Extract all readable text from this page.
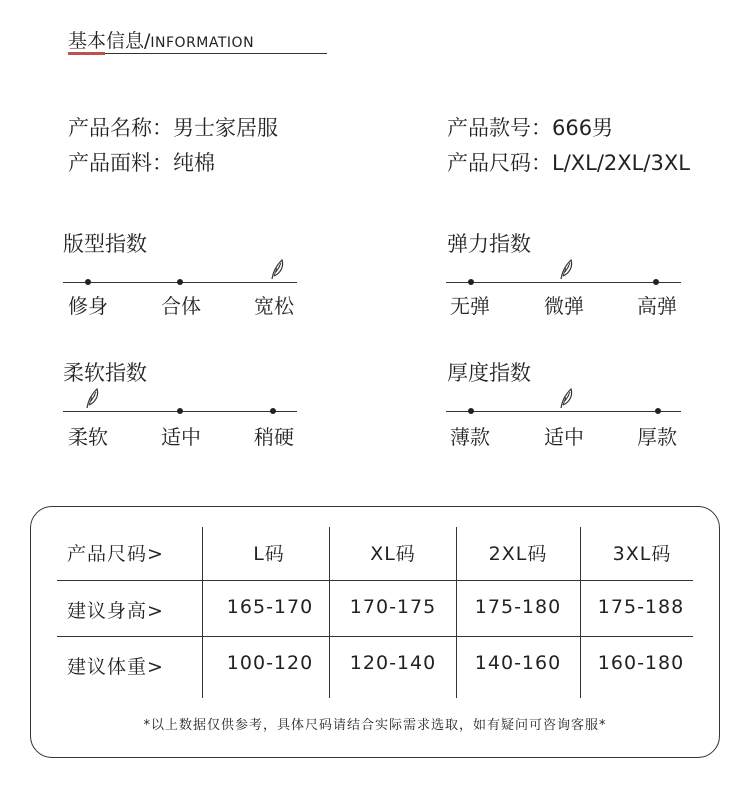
基本信息/INFORMATION
产品名称：男士家居服
产品面料：纯棉
产品款号：666男
产品尺码：L/XL/2XL/3XL
版型指数
修身	合体	宽松
弹力指数
无弹	微弹	高弹
柔软指数
柔软	适中	稍硬
厚度指数
薄款	适中	厚款
产品尺码>	L码	XL码	2XL码	3XL码
建议身高>	165-170 170-175 175-180 175-188
建议体重>	100-120 120-140 140-160 160-180
*以上数据仅供参考，具体尺码请结合实际需求选取，如有疑问可咨询客服*
